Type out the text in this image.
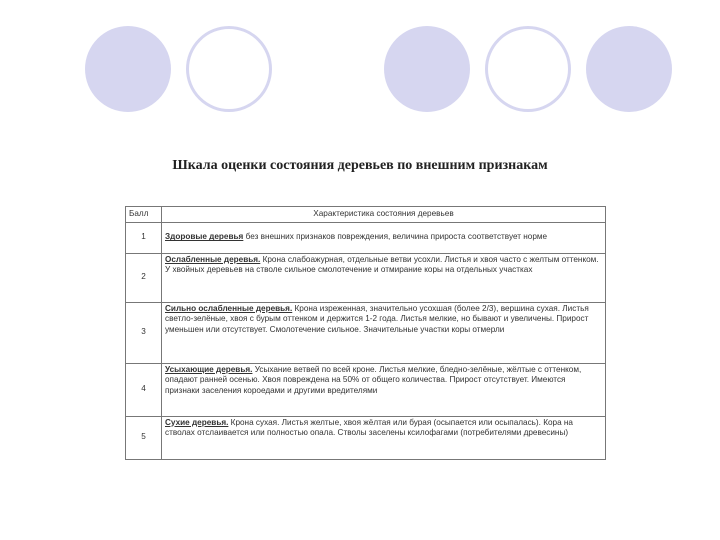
Шкала оценки состояния деревьев по внешним признакам
Балл	Характеристика состояния деревьев
1	Здоровые деревья без внешних признаков повреждения, величина прироста соответствует норме
2	Ослабленные деревья. Крона слабоажурная, отдельные ветви усохли. Листья и хвоя часто с желтым оттенком. У хвойных деревьев на стволе сильное смолотечение и отмирание коры на отдельных участках
3	Сильно ослабленные деревья. Крона изреженная, значительно усохшая (более 2/3), вершина сухая. Листья светло-зелёные, хвоя с бурым оттенком и держится 1-2 года. Листья мелкие, но бывают и увеличены. Прирост уменьшен или отсутствует. Смолотечение сильное. Значительные участки коры отмерли
4	Усыхающие деревья. Усыхание ветвей по всей кроне. Листья мелкие, бледно-зелёные, жёлтые с оттенком, опадают ранней осенью. Хвоя повреждена на 50% от общего количества. Прирост отсутствует. Имеются признаки заселения короедами и другими вредителями
5	Сухие деревья. Крона сухая. Листья желтые, хвоя жёлтая или бурая (осыпается или осыпалась). Кора на стволах отслаивается или полностью опала. Стволы заселены ксилофагами (потребителями древесины)
